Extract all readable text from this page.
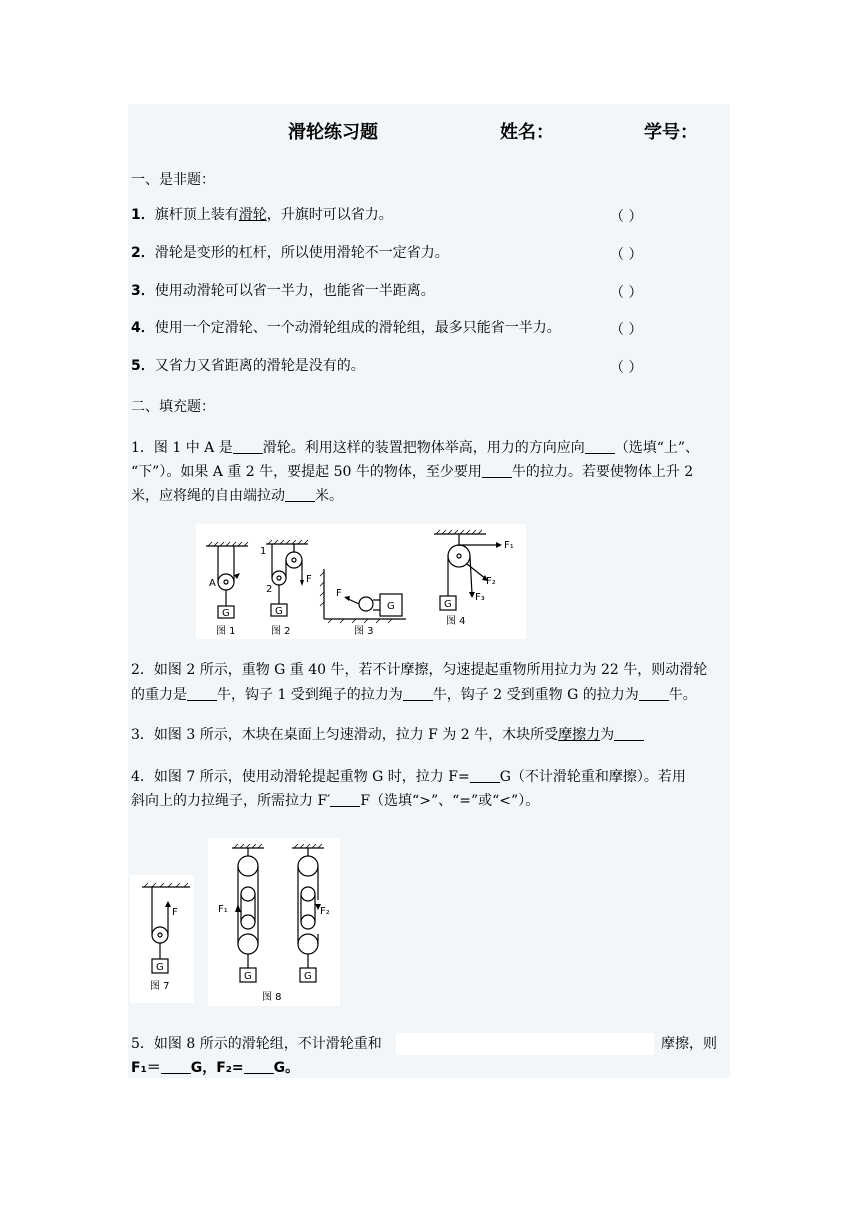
滑轮练习题	姓名：	学号：
一、是非题：
1．旗杆顶上装有滑轮，升旗时可以省力。	（ ）
2．滑轮是变形的杠杆，所以使用滑轮不一定省力。	（ ）
3．使用动滑轮可以省一半力，也能省一半距离。	（ ）
4．使用一个定滑轮、一个动滑轮组成的滑轮组，最多只能省一半力。	（ ）
5．又省力又省距离的滑轮是没有的。	（ ）
二、填充题：
1．图 1 中 A 是 滑轮。利用这样的装置把物体举高，用力的方向应向 （选填“上”、
“下”）。如果 A 重 2 牛，要提起 50 牛的物体，至少要用 牛的拉力。若要使物体上升 2
米，应将绳的自由端拉动 米。
A
G
图 1
1
2
F
G
图 2
F
G
图 3
F₁
F₂
F₃
G
图 4
2．如图 2 所示，重物 G 重 40 牛，若不计摩擦，匀速提起重物所用拉力为 22 牛，则动滑轮
的重力是 牛，钩子 1 受到绳子的拉力为 牛，钩子 2 受到重物 G 的拉力为 牛。
3．如图 3 所示，木块在桌面上匀速滑动，拉力 F 为 2 牛，木块所受摩擦力为
4．如图 7 所示，使用动滑轮提起重物 G 时，拉力 F= G（不计滑轮重和摩擦）。若用
斜向上的力拉绳子，所需拉力 F′ F（选填“>”、“=”或“<”）。
F
G
图 7
F₁	F₂
G	G
图 8
5．如图 8 所示的滑轮组，不计滑轮重和	摩擦，则
F₁＝ G，F₂= G。
